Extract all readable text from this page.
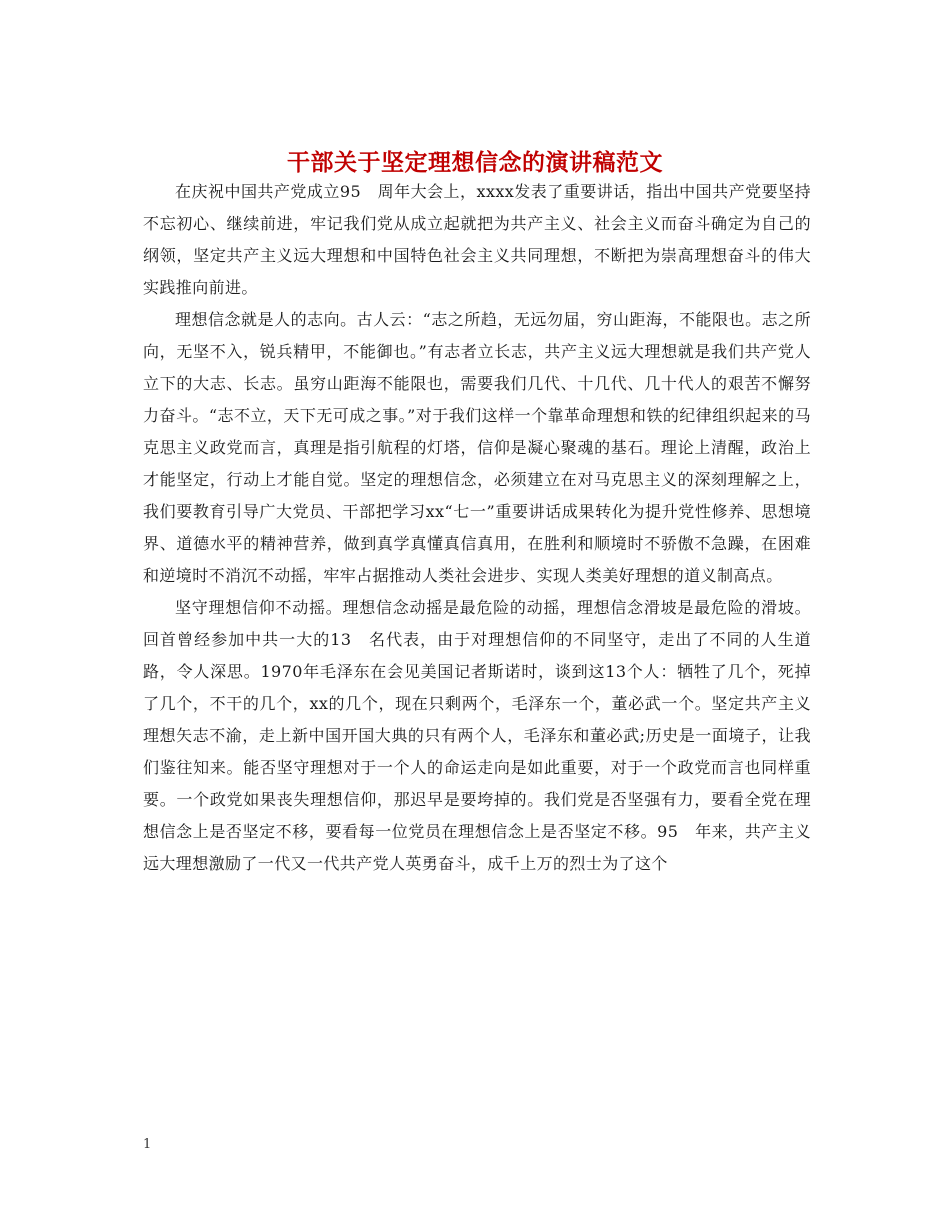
干部关于坚定理想信念的演讲稿范文

在庆祝中国共产党成立95　周年大会上，xxxx发表了重要讲话，指出中国共产党要坚持不忘初心、继续前进，牢记我们党从成立起就把为共产主义、社会主义而奋斗确定为自己的纲领，坚定共产主义远大理想和中国特色社会主义共同理想，不断把为崇高理想奋斗的伟大实践推向前进。

理想信念就是人的志向。古人云：“志之所趋，无远勿届，穷山距海，不能限也。志之所向，无坚不入，锐兵精甲，不能御也。”有志者立长志，共产主义远大理想就是我们共产党人立下的大志、长志。虽穷山距海不能限也，需要我们几代、十几代、几十代人的艰苦不懈努力奋斗。“志不立，天下无可成之事。”对于我们这样一个靠革命理想和铁的纪律组织起来的马克思主义政党而言，真理是指引航程的灯塔，信仰是凝心聚魂的基石。理论上清醒，政治上才能坚定，行动上才能自觉。坚定的理想信念，必须建立在对马克思主义的深刻理解之上，我们要教育引导广大党员、干部把学习xx“七一”重要讲话成果转化为提升党性修养、思想境界、道德水平的精神营养，做到真学真懂真信真用，在胜利和顺境时不骄傲不急躁，在困难和逆境时不消沉不动摇，牢牢占据推动人类社会进步、实现人类美好理想的道义制高点。

坚守理想信仰不动摇。理想信念动摇是最危险的动摇，理想信念滑坡是最危险的滑坡。回首曾经参加中共一大的13　名代表，由于对理想信仰的不同坚守，走出了不同的人生道路，令人深思。1970年毛泽东在会见美国记者斯诺时，谈到这13个人：牺牲了几个，死掉了几个，不干的几个，xx的几个，现在只剩两个，毛泽东一个，董必武一个。坚定共产主义理想矢志不渝，走上新中国开国大典的只有两个人，毛泽东和董必武;历史是一面境子，让我们鉴往知来。能否坚守理想对于一个人的命运走向是如此重要，对于一个政党而言也同样重要。一个政党如果丧失理想信仰，那迟早是要垮掉的。我们党是否坚强有力，要看全党在理想信念上是否坚定不移，要看每一位党员在理想信念上是否坚定不移。95　年来，共产主义远大理想激励了一代又一代共产党人英勇奋斗，成千上万的烈士为了这个

1
